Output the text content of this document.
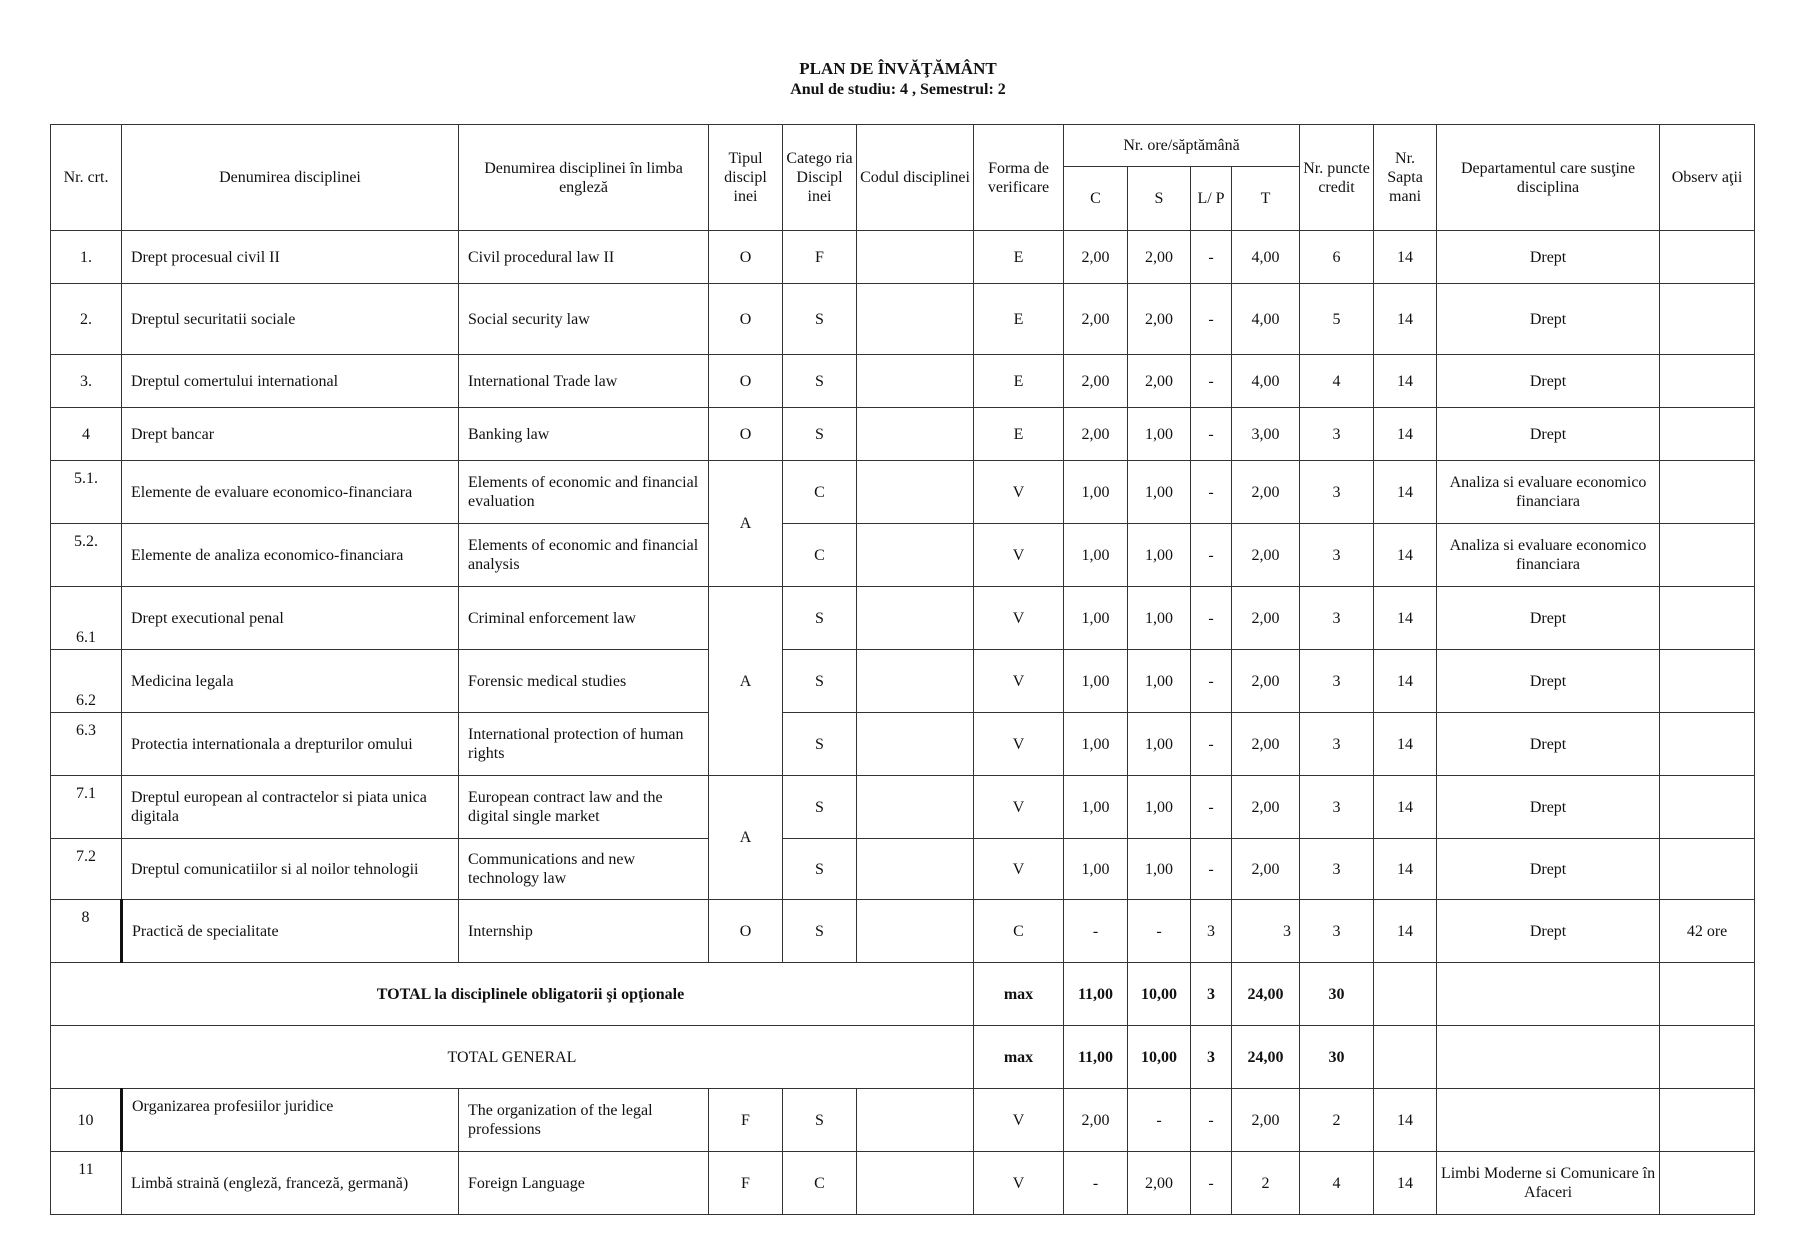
PLAN DE ÎNVĂŢĂMÂNT
Anul de studiu: 4 , Semestrul: 2
Nr. crt.	Denumirea disciplinei	Denumirea disciplinei în limba engleză	Tipul discipl inei	Catego ria Discipl inei	Codul disciplinei	Forma de verificare	Nr. ore/săptămână				Nr. puncte credit	Nr. Sapta mani	Departamentul care susţine disciplina	Observ aţii
							C	S	L/ P	T				
1.	Drept procesual civil II	Civil procedural law II	O	F		E	2,00	2,00	-	4,00	6	14	Drept	
2.	Dreptul securitatii sociale	Social security law	O	S		E	2,00	2,00	-	4,00	5	14	Drept	
3.	Dreptul comertului international	International Trade law	O	S		E	2,00	2,00	-	4,00	4	14	Drept	
4	Drept bancar	Banking law	O	S		E	2,00	1,00	-	3,00	3	14	Drept	
5.1.	Elemente de evaluare economico-financiara	Elements of economic and financial evaluation	A	C		V	1,00	1,00	-	2,00	3	14	Analiza si evaluare economico financiara	
5.2.	Elemente de analiza economico-financiara	Elements of economic and financial analysis		C		V	1,00	1,00	-	2,00	3	14	Analiza si evaluare economico financiara	
6.1	Drept executional penal	Criminal enforcement law	A	S		V	1,00	1,00	-	2,00	3	14	Drept	
6.2	Medicina legala	Forensic medical studies		S		V	1,00	1,00	-	2,00	3	14	Drept	
6.3	Protectia internationala a drepturilor omului	International protection of human rights		S		V	1,00	1,00	-	2,00	3	14	Drept	
7.1	Dreptul european al contractelor si piata unica digitala	European contract law and the digital single market	A	S		V	1,00	1,00	-	2,00	3	14	Drept	
7.2	Dreptul comunicatiilor si al noilor tehnologii	Communications and new technology law		S		V	1,00	1,00	-	2,00	3	14	Drept	
8	Practică de specialitate	Internship	O	S		C	-	-	3	3	3	14	Drept	42 ore
TOTAL la disciplinele obligatorii şi opţionale						max	11,00	10,00	3	24,00	30			
TOTAL GENERAL						max	11,00	10,00	3	24,00	30			
10	Organizarea profesiilor juridice	The organization of the legal professions	F	S		V	2,00	-	-	2,00	2	14		
11	Limbă straină (engleză, franceză, germană)	Foreign Language	F	C		V	-	2,00	-	2	4	14	Limbi Moderne si Comunicare în Afaceri	
